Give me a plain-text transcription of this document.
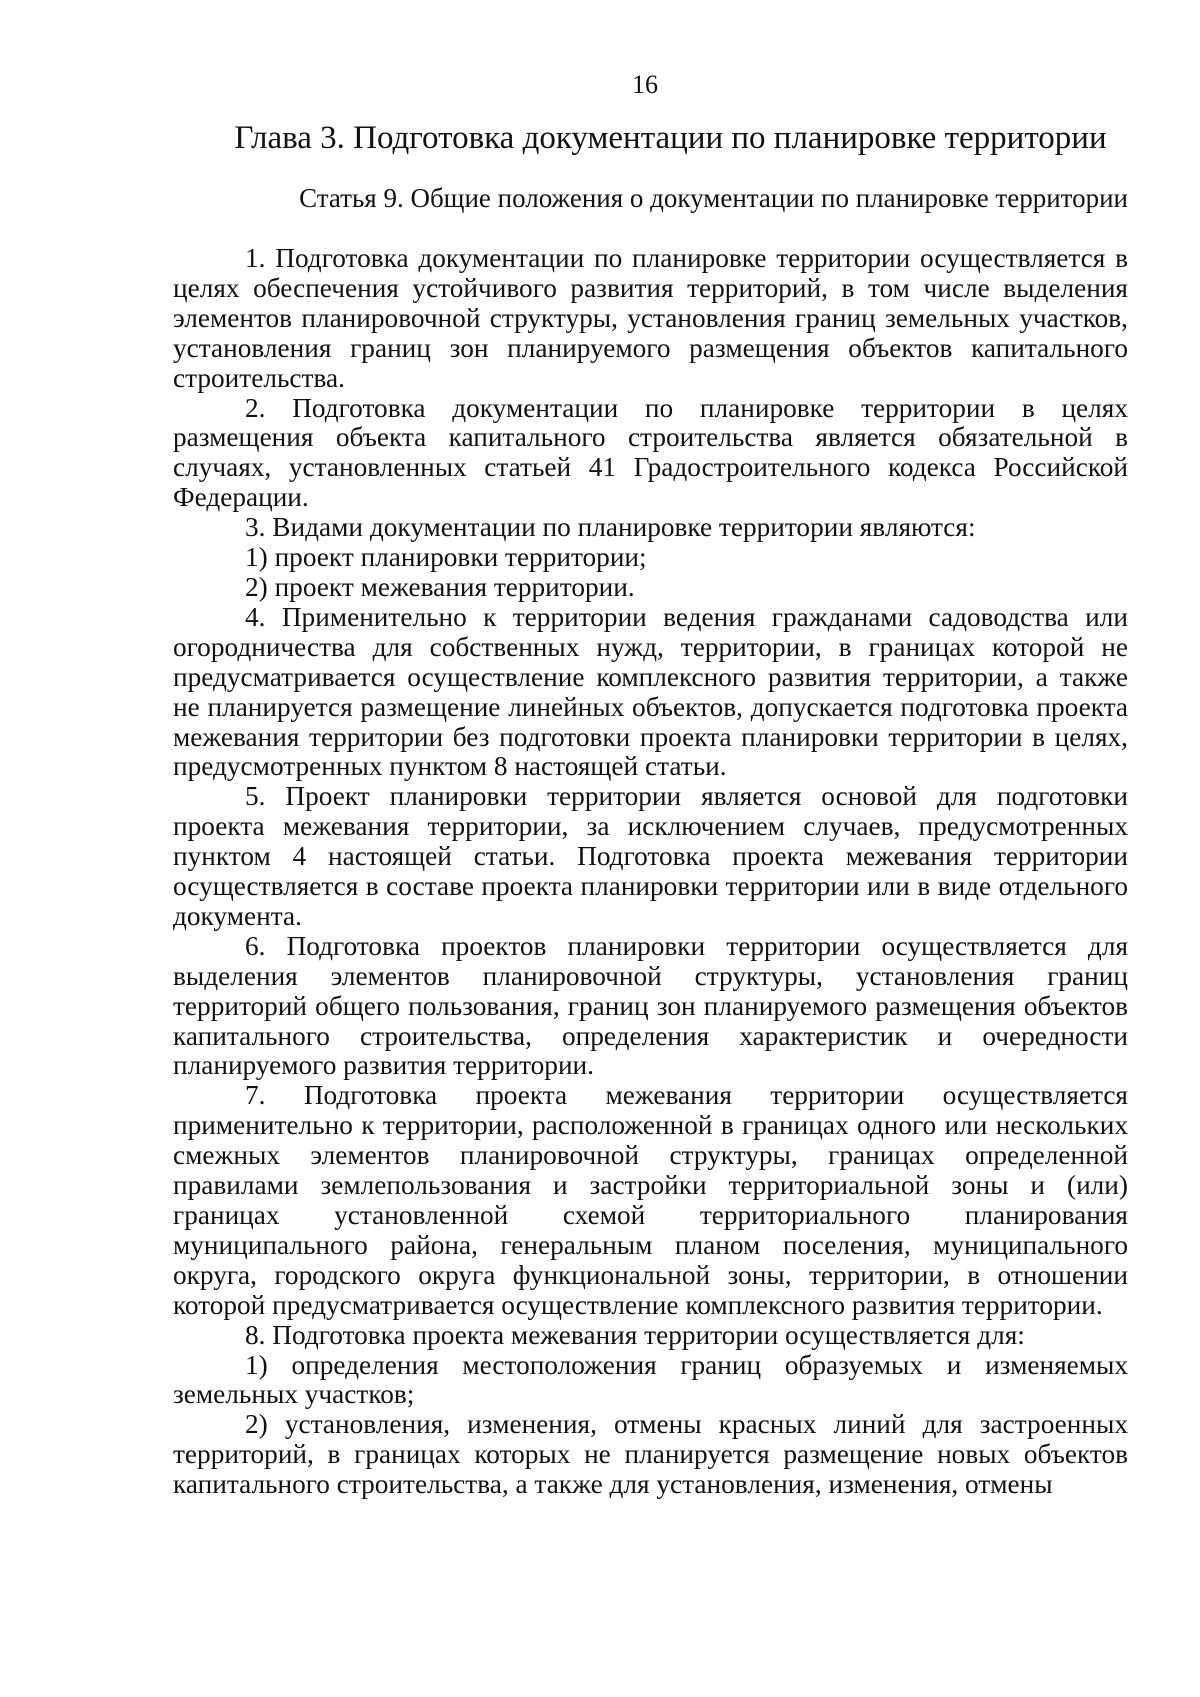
16
Глава 3. Подготовка документации по планировке территории
Статья 9. Общие положения о документации по планировке территории

1. Подготовка документации по планировке территории осуществляется в целях обеспечения устойчивого развития территорий, в том числе выделения элементов планировочной структуры, установления границ земельных участков, установления границ зон планируемого размещения объектов капитального строительства.

2. Подготовка документации по планировке территории в целях размещения объекта капитального строительства является обязательной в случаях, установленных статьей 41 Градостроительного кодекса Российской Федерации.

3. Видами документации по планировке территории являются:

1) проект планировки территории;

2) проект межевания территории.

4. Применительно к территории ведения гражданами садоводства или огородничества для собственных нужд, территории, в границах которой не предусматривается осуществление комплексного развития территории, а также не планируется размещение линейных объектов, допускается подготовка проекта межевания территории без подготовки проекта планировки территории в целях, предусмотренных пунктом 8 настоящей статьи.

5. Проект планировки территории является основой для подготовки проекта межевания территории, за исключением случаев, предусмотренных пунктом 4 настоящей статьи. Подготовка проекта межевания территории осуществляется в составе проекта планировки территории или в виде отдельного документа.

6. Подготовка проектов планировки территории осуществляется для выделения элементов планировочной структуры, установления границ территорий общего пользования, границ зон планируемого размещения объектов капитального строительства, определения характеристик и очередности планируемого развития территории.

7. Подготовка проекта межевания территории осуществляется применительно к территории, расположенной в границах одного или нескольких смежных элементов планировочной структуры, границах определенной правилами землепользования и застройки территориальной зоны и (или) границах установленной схемой территориального планирования муниципального района, генеральным планом поселения, муниципального округа, городского округа функциональной зоны, территории, в отношении которой предусматривается осуществление комплексного развития территории.

8. Подготовка проекта межевания территории осуществляется для:

1) определения местоположения границ образуемых и изменяемых земельных участков;

2) установления, изменения, отмены красных линий для застроенных территорий, в границах которых не планируется размещение новых объектов капитального строительства, а также для установления, изменения, отмены
